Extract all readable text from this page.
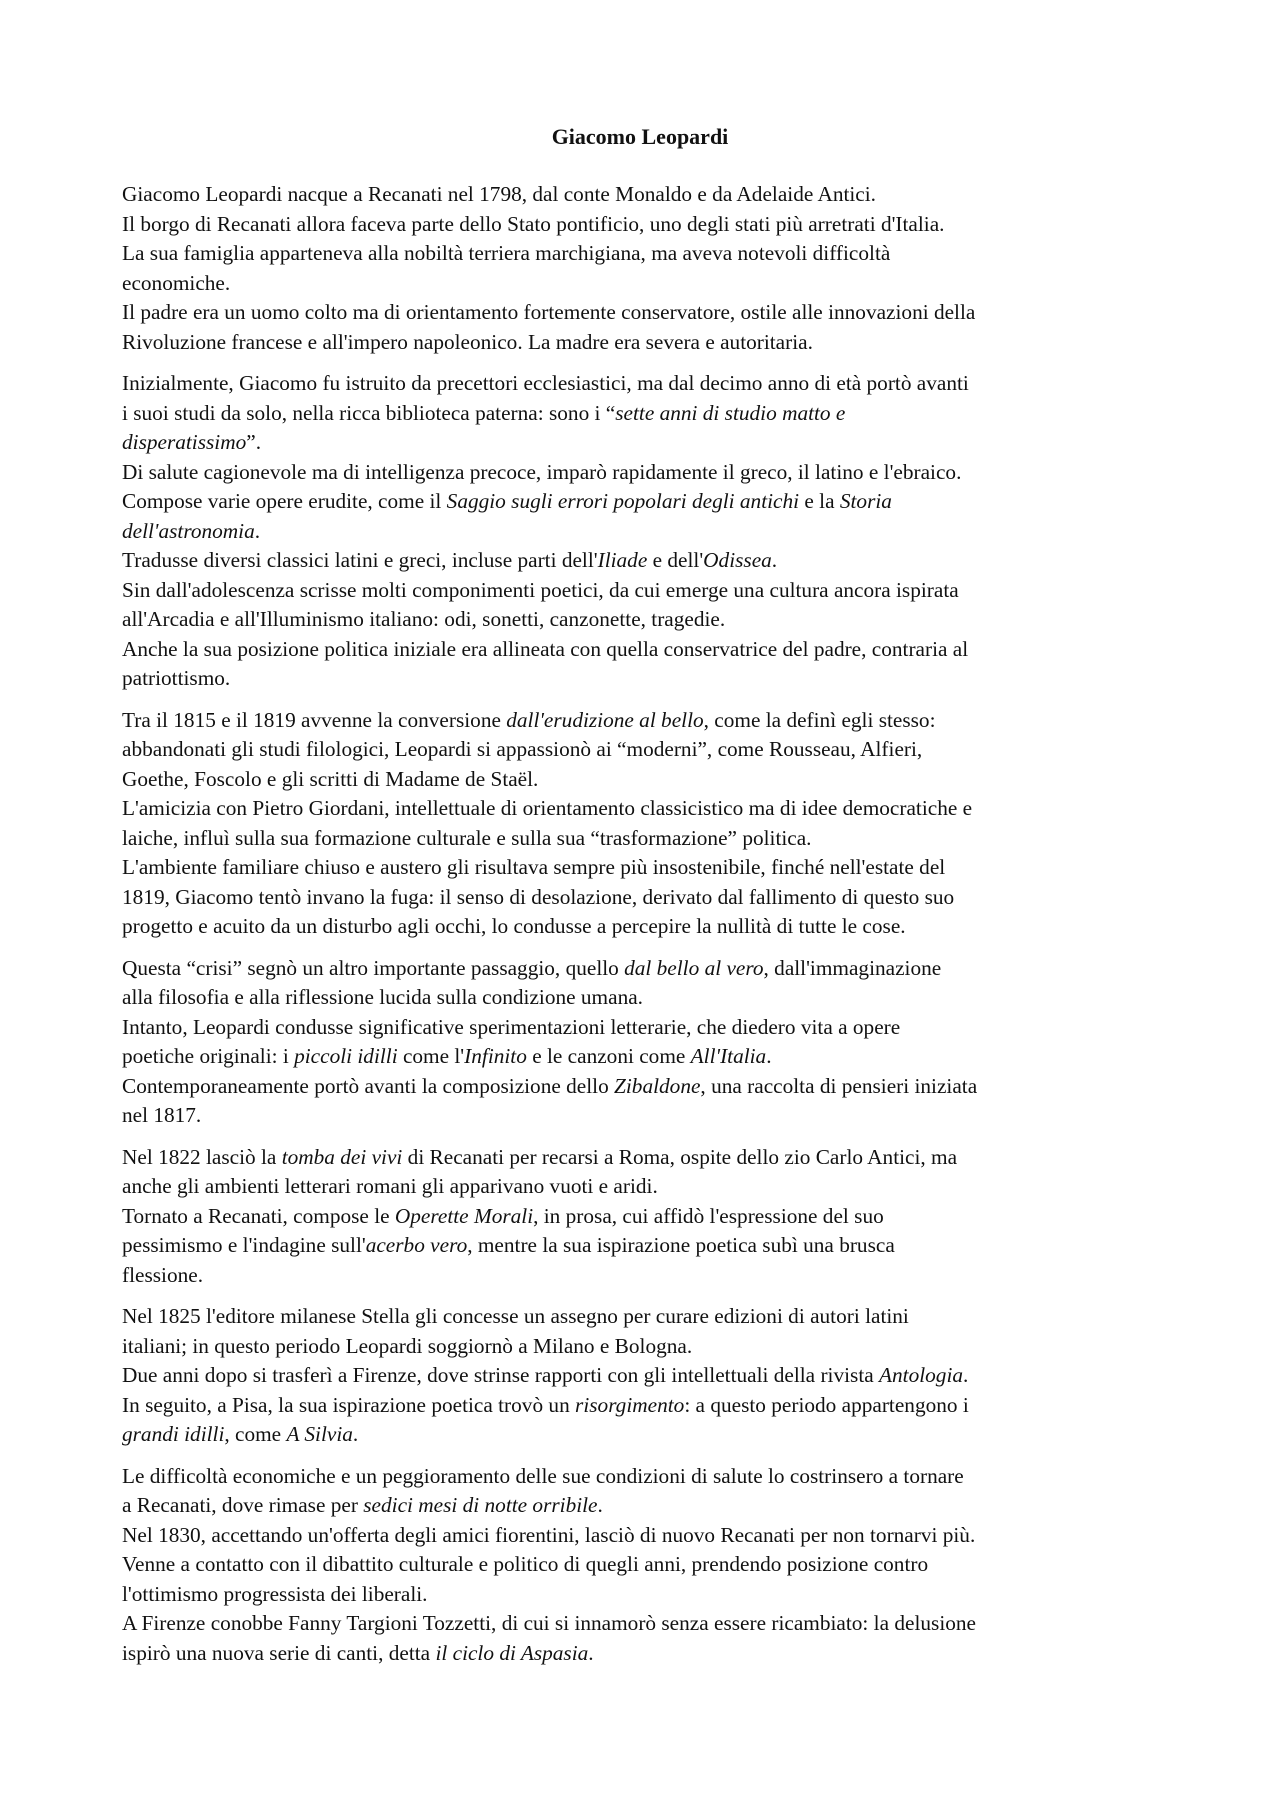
Giacomo Leopardi

Giacomo Leopardi nacque a Recanati nel 1798, dal conte Monaldo e da Adelaide Antici.
Il borgo di Recanati allora faceva parte dello Stato pontificio, uno degli stati più arretrati d'Italia.
La sua famiglia apparteneva alla nobiltà terriera marchigiana, ma aveva notevoli difficoltà
economiche.
Il padre era un uomo colto ma di orientamento fortemente conservatore, ostile alle innovazioni della
Rivoluzione francese e all'impero napoleonico. La madre era severa e autoritaria.

Inizialmente, Giacomo fu istruito da precettori ecclesiastici, ma dal decimo anno di età portò avanti
i suoi studi da solo, nella ricca biblioteca paterna: sono i “sette anni di studio matto e
disperatissimo”.
Di salute cagionevole ma di intelligenza precoce, imparò rapidamente il greco, il latino e l'ebraico.
Compose varie opere erudite, come il Saggio sugli errori popolari degli antichi e la Storia
dell'astronomia.
Tradusse diversi classici latini e greci, incluse parti dell'Iliade e dell'Odissea.
Sin dall'adolescenza scrisse molti componimenti poetici, da cui emerge una cultura ancora ispirata
all'Arcadia e all'Illuminismo italiano: odi, sonetti, canzonette, tragedie.
Anche la sua posizione politica iniziale era allineata con quella conservatrice del padre, contraria al
patriottismo.

Tra il 1815 e il 1819 avvenne la conversione dall'erudizione al bello, come la definì egli stesso:
abbandonati gli studi filologici, Leopardi si appassionò ai “moderni”, come Rousseau, Alfieri,
Goethe, Foscolo e gli scritti di Madame de Staël.
L'amicizia con Pietro Giordani, intellettuale di orientamento classicistico ma di idee democratiche e
laiche, influì sulla sua formazione culturale e sulla sua “trasformazione” politica.
L'ambiente familiare chiuso e austero gli risultava sempre più insostenibile, finché nell'estate del
1819, Giacomo tentò invano la fuga: il senso di desolazione, derivato dal fallimento di questo suo
progetto e acuito da un disturbo agli occhi, lo condusse a percepire la nullità di tutte le cose.

Questa “crisi” segnò un altro importante passaggio, quello dal bello al vero, dall'immaginazione
alla filosofia e alla riflessione lucida sulla condizione umana.
Intanto, Leopardi condusse significative sperimentazioni letterarie, che diedero vita a opere
poetiche originali: i piccoli idilli come l'Infinito e le canzoni come All'Italia.
Contemporaneamente portò avanti la composizione dello Zibaldone, una raccolta di pensieri iniziata
nel 1817.

Nel 1822 lasciò la tomba dei vivi di Recanati per recarsi a Roma, ospite dello zio Carlo Antici, ma
anche gli ambienti letterari romani gli apparivano vuoti e aridi.
Tornato a Recanati, compose le Operette Morali, in prosa, cui affidò l'espressione del suo
pessimismo e l'indagine sull'acerbo vero, mentre la sua ispirazione poetica subì una brusca
flessione.

Nel 1825 l'editore milanese Stella gli concesse un assegno per curare edizioni di autori latini
italiani; in questo periodo Leopardi soggiornò a Milano e Bologna.
Due anni dopo si trasferì a Firenze, dove strinse rapporti con gli intellettuali della rivista Antologia.
In seguito, a Pisa, la sua ispirazione poetica trovò un risorgimento: a questo periodo appartengono i
grandi idilli, come A Silvia.

Le difficoltà economiche e un peggioramento delle sue condizioni di salute lo costrinsero a tornare
a Recanati, dove rimase per sedici mesi di notte orribile.
Nel 1830, accettando un'offerta degli amici fiorentini, lasciò di nuovo Recanati per non tornarvi più.
Venne a contatto con il dibattito culturale e politico di quegli anni, prendendo posizione contro
l'ottimismo progressista dei liberali.
A Firenze conobbe Fanny Targioni Tozzetti, di cui si innamorò senza essere ricambiato: la delusione
ispirò una nuova serie di canti, detta il ciclo di Aspasia.
